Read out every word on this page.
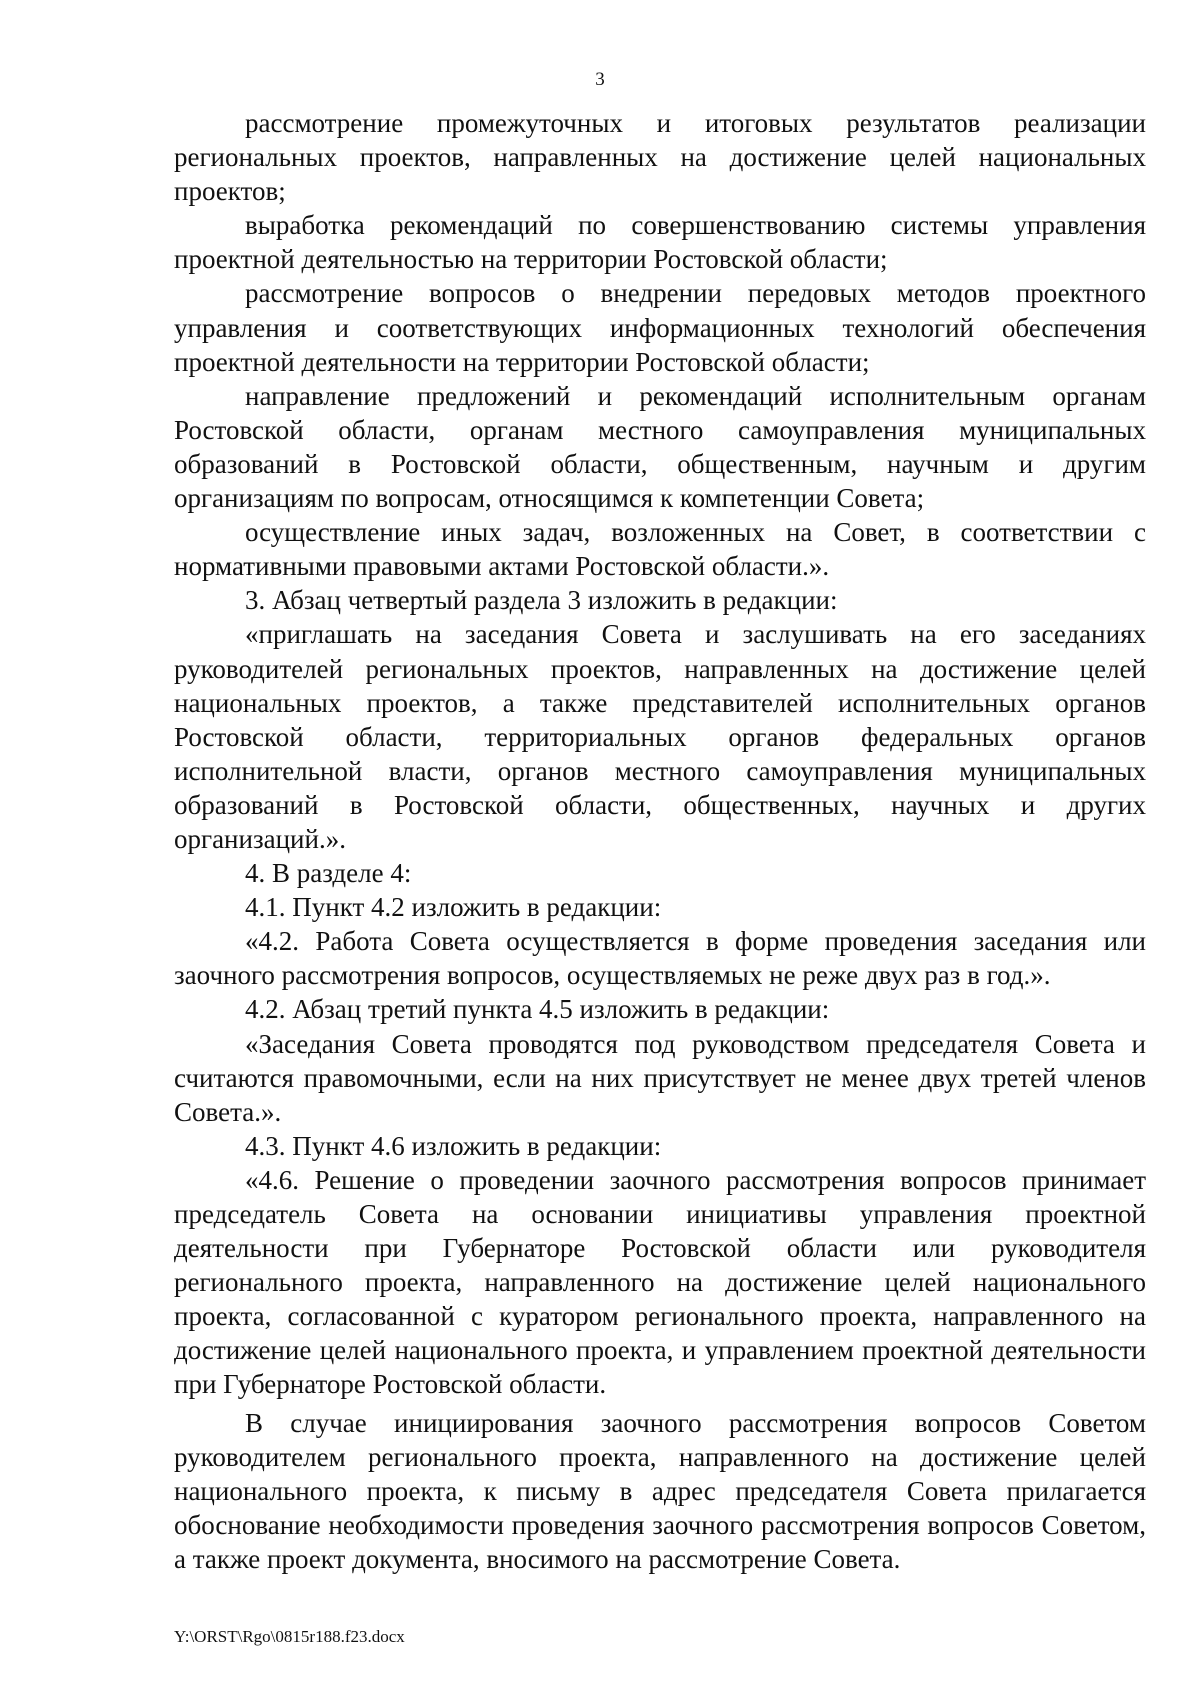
3

рассмотрение промежуточных и итоговых результатов реализации региональных проектов, направленных на достижение целей национальных проектов;

выработка рекомендаций по совершенствованию системы управления проектной деятельностью на территории Ростовской области;

рассмотрение вопросов о внедрении передовых методов проектного управления и соответствующих информационных технологий обеспечения проектной деятельности на территории Ростовской области;

направление предложений и рекомендаций исполнительным органам Ростовской области, органам местного самоуправления муниципальных образований в Ростовской области, общественным, научным и другим организациям по вопросам, относящимся к компетенции Совета;

осуществление иных задач, возложенных на Совет, в соответствии с нормативными правовыми актами Ростовской области.».

3. Абзац четвертый раздела 3 изложить в редакции:

«приглашать на заседания Совета и заслушивать на его заседаниях руководителей региональных проектов, направленных на достижение целей национальных проектов, а также представителей исполнительных органов Ростовской области, территориальных органов федеральных органов исполнительной власти, органов местного самоуправления муниципальных образований в Ростовской области, общественных, научных и других организаций.».

4. В разделе 4:

4.1. Пункт 4.2 изложить в редакции:

«4.2. Работа Совета осуществляется в форме проведения заседания или заочного рассмотрения вопросов, осуществляемых не реже двух раз в год.».

4.2. Абзац третий пункта 4.5 изложить в редакции:

«Заседания Совета проводятся под руководством председателя Совета и считаются правомочными, если на них присутствует не менее двух третей членов Совета.».

4.3. Пункт 4.6 изложить в редакции:

«4.6. Решение о проведении заочного рассмотрения вопросов принимает председатель Совета на основании инициативы управления проектной деятельности при Губернаторе Ростовской области или руководителя регионального проекта, направленного на достижение целей национального проекта, согласованной с куратором регионального проекта, направленного на достижение целей национального проекта, и управлением проектной деятельности при Губернаторе Ростовской области.

В случае инициирования заочного рассмотрения вопросов Советом руководителем регионального проекта, направленного на достижение целей национального проекта, к письму в адрес председателя Совета прилагается обоснование необходимости проведения заочного рассмотрения вопросов Советом, а также проект документа, вносимого на рассмотрение Совета.

Y:\ORST\Rgo\0815r188.f23.docx
